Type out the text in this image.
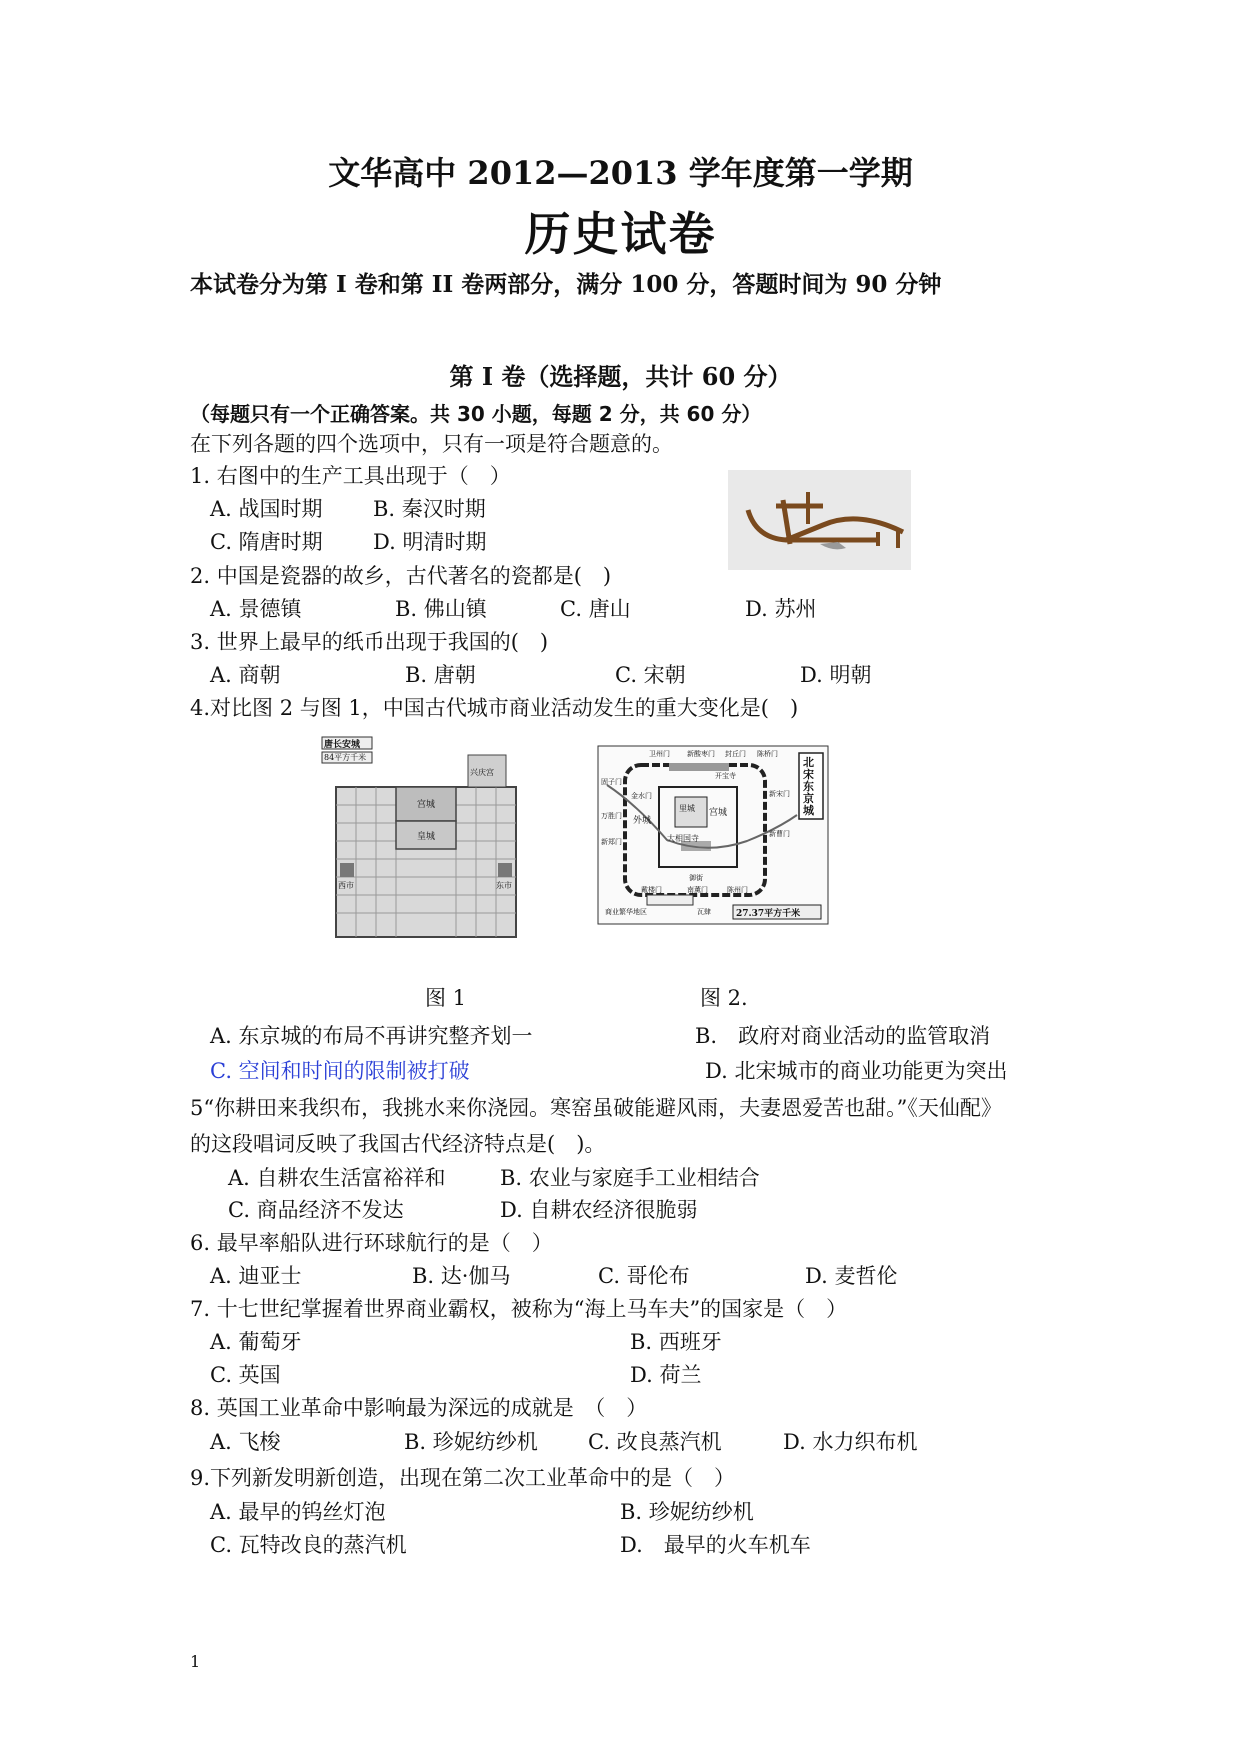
文华高中 2012—2013 学年度第一学期
历史试卷
本试卷分为第 I 卷和第 II 卷两部分，满分 100 分，答题时间为 90 分钟
第 I 卷（选择题，共计 60 分）
（每题只有一个正确答案。共 30 小题，每题 2 分，共 60 分）
在下列各题的四个选项中，只有一项是符合题意的。
1. 右图中的生产工具出现于（　）
A. 战国时期 B. 秦汉时期
C. 隋唐时期 D. 明清时期
2. 中国是瓷器的故乡，古代著名的瓷都是(　)
A. 景德镇	B. 佛山镇	C. 唐山	D. 苏州
3. 世界上最早的纸币出现于我国的(　)
A. 商朝	B. 唐朝	C. 宋朝	D. 明朝
4.对比图 2 与图 1，中国古代城市商业活动发生的重大变化是(　)
唐长安城
84平方千米
宫城
皇城
兴庆宫
东市
西市
北宋东京城
27.37平方千米
里城
外城
宫城
大相国寺
开宝寺
御街
卫州门 新酸枣门 封丘门 陈桥门
新宋门
新曹门
南薰门
戴楼门	陈州门
万胜门
新郑门
固子门
金水门
商业繁华地区	瓦肆
图 1	图 2.
A. 东京城的布局不再讲究整齐划一	B.　政府对商业活动的监管取消
C. 空间和时间的限制被打破	D. 北宋城市的商业功能更为突出
5“你耕田来我织布，我挑水来你浇园。寒窑虽破能避风雨，夫妻恩爱苦也甜。”《天仙配》
的这段唱词反映了我国古代经济特点是(　)。
A. 自耕农生活富裕祥和	B. 农业与家庭手工业相结合
C. 商品经济不发达	D. 自耕农经济很脆弱
6. 最早率船队进行环球航行的是（　）
A. 迪亚士	B. 达·伽马	C. 哥伦布	D. 麦哲伦
7. 十七世纪掌握着世界商业霸权，被称为“海上马车夫”的国家是（　）
A. 葡萄牙	B. 西班牙
C. 英国	D. 荷兰
8. 英国工业革命中影响最为深远的成就是　（　）
A. 飞梭	B. 珍妮纺纱机 C. 改良蒸汽机	D. 水力织布机
9.下列新发明新创造，出现在第二次工业革命中的是（　）
A. 最早的钨丝灯泡	B. 珍妮纺纱机
C. 瓦特改良的蒸汽机	D.　最早的火车机车
1
